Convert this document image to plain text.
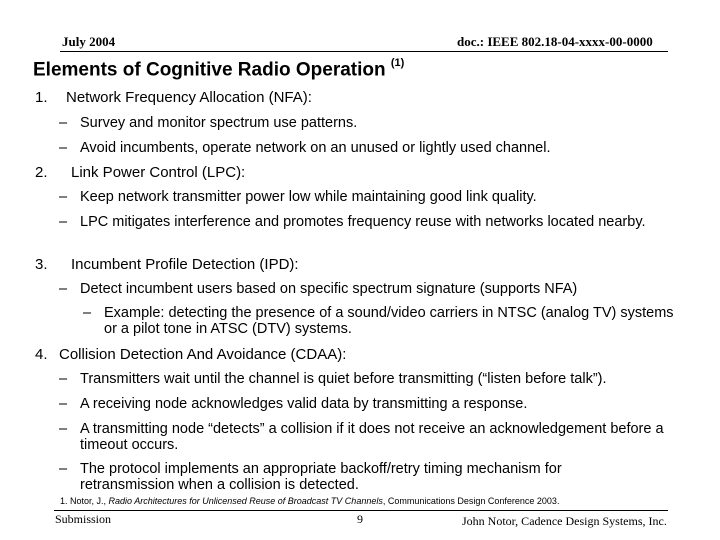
July 2004	doc.: IEEE 802.18-04-xxxx-00-0000
Elements of Cognitive Radio Operation $^{(1)}$
1. Network Frequency Allocation (NFA):
– Survey and monitor spectrum use patterns.
– Avoid incumbents, operate network on an unused or lightly used channel.
2. Link Power Control (LPC):
– Keep network transmitter power low while maintaining good link quality.
– LPC mitigates interference and promotes frequency reuse with networks located nearby.
3. Incumbent Profile Detection (IPD):
– Detect incumbent users based on specific spectrum signature (supports NFA)
– Example: detecting the presence of a sound/video carriers in NTSC (analog TV) systems or a pilot tone in ATSC (DTV) systems.
4. Collision Detection And Avoidance (CDAA):
– Transmitters wait until the channel is quiet before transmitting (“listen before talk”).
– A receiving node acknowledges valid data by transmitting a response.
– A transmitting node “detects” a collision if it does not receive an acknowledgement before a timeout occurs.
– The protocol implements an appropriate backoff/retry timing mechanism for retransmission when a collision is detected.
1. Notor, J., Radio Architectures for Unlicensed Reuse of Broadcast TV Channels, Communications Design Conference 2003.
Submission	9	John Notor, Cadence Design Systems, Inc.
